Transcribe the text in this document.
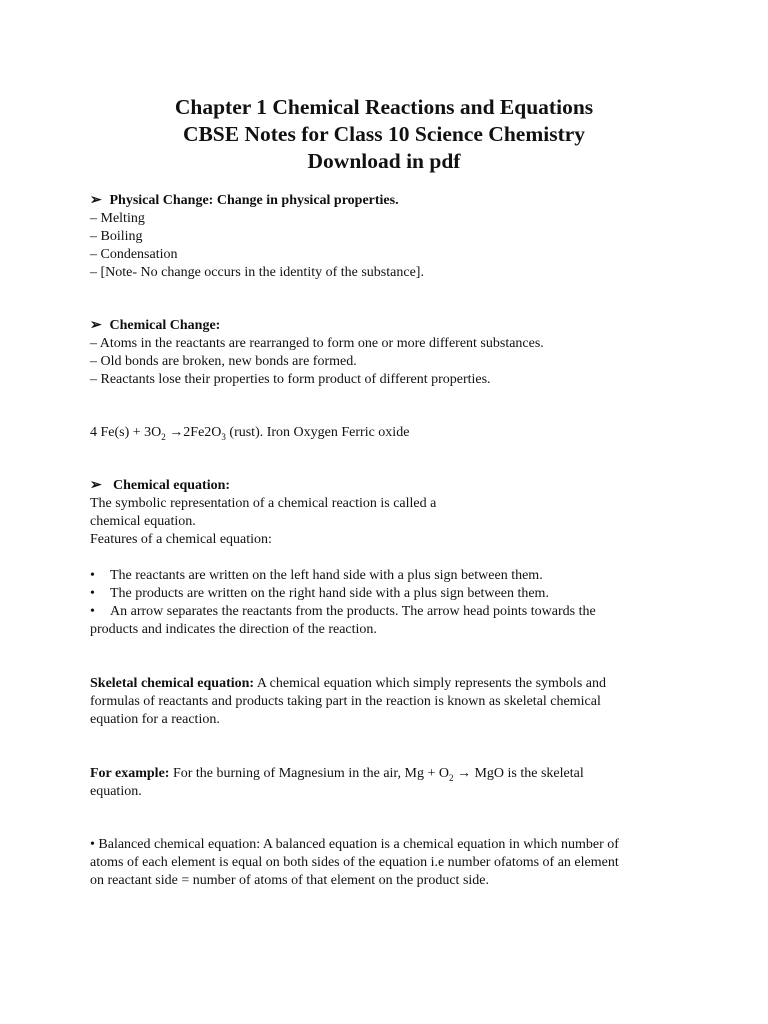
Chapter 1 Chemical Reactions and Equations
CBSE Notes for Class 10 Science Chemistry
Download in pdf
➢ Physical Change: Change in physical properties.
– Melting
– Boiling
– Condensation
– [Note- No change occurs in the identity of the substance].
➢ Chemical Change:
– Atoms in the reactants are rearranged to form one or more different substances.
– Old bonds are broken, new bonds are formed.
– Reactants lose their properties to form product of different properties.
4 $Fe(s) + 3O_2 \to 2Fe2O_3$ (rust). Iron Oxygen Ferric oxide
➢ Chemical equation:
The symbolic representation of a chemical reaction is called a
chemical equation.
Features of a chemical equation:
• The reactants are written on the left hand side with a plus sign between them.
• The products are written on the right hand side with a plus sign between them.
• An arrow separates the reactants from the products. The arrow head points towards the
products and indicates the direction of the reaction.
Skeletal chemical equation: A chemical equation which simply represents the symbols and
formulas of reactants and products taking part in the reaction is known as skeletal chemical
equation for a reaction.
For example: For the burning of Magnesium in the air, $Mg + O_2$ → MgO is the skeletal
equation.
• Balanced chemical equation: A balanced equation is a chemical equation in which number of
atoms of each element is equal on both sides of the equation i.e number ofatoms of an element
on reactant side = number of atoms of that element on the product side.
